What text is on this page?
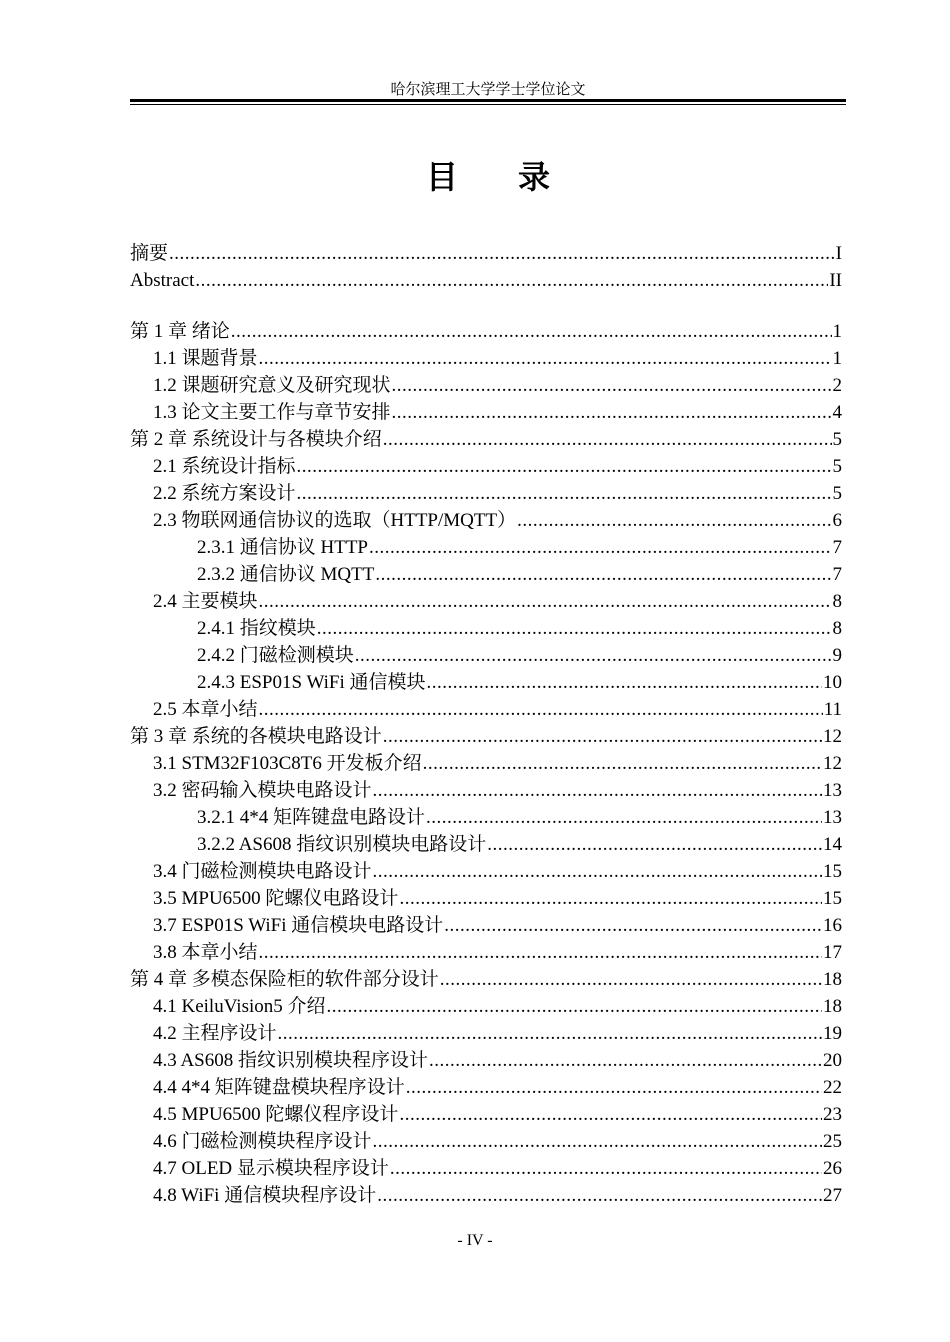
哈尔滨理工大学学士学位论文
目录
摘要 .....	I
Abstract .....	II
第 1 章 绪论 .....	1
1.1 课题背景 .....	1
1.2 课题研究意义及研究现状 .....	2
1.3 论文主要工作与章节安排 .....	4
第 2 章 系统设计与各模块介绍 .....	5
2.1 系统设计指标 .....	5
2.2 系统方案设计 .....	5
2.3 物联网通信协议的选取（HTTP/MQTT） .....	6
2.3.1 通信协议 HTTP .....	7
2.3.2 通信协议 MQTT .....	7
2.4 主要模块 .....	8
2.4.1 指纹模块 .....	8
2.4.2 门磁检测模块 .....	9
2.4.3 ESP01S WiFi 通信模块 .....	10
2.5 本章小结 .....	11
第 3 章 系统的各模块电路设计 .....	12
3.1 STM32F103C8T6 开发板介绍 .....	12
3.2 密码输入模块电路设计 .....	13
3.2.1 4*4 矩阵键盘电路设计 .....	13
3.2.2 AS608 指纹识别模块电路设计 .....	14
3.4 门磁检测模块电路设计 .....	15
3.5 MPU6500 陀螺仪电路设计 .....	15
3.7 ESP01S WiFi 通信模块电路设计 .....	16
3.8 本章小结 .....	17
第 4 章 多模态保险柜的软件部分设计 .....	18
4.1 KeiluVision5 介绍 .....	18
4.2 主程序设计 .....	19
4.3 AS608 指纹识别模块程序设计 .....	20
4.4 4*4 矩阵键盘模块程序设计 .....	22
4.5 MPU6500 陀螺仪程序设计 .....	23
4.6 门磁检测模块程序设计 .....	25
4.7 OLED 显示模块程序设计 .....	26
4.8 WiFi 通信模块程序设计 .....	27
- IV -
